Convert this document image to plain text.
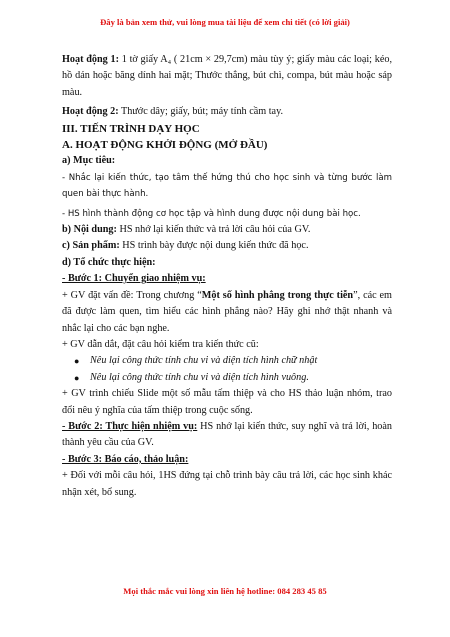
Đây là bản xem thử, vui lòng mua tài liệu để xem chi tiết (có lời giải)

Hoạt động 1: 1 tờ giấy A₄ ( 21cm × 29,7cm) màu tùy ý; giấy màu các loại; kéo, hồ dán hoặc băng dính hai mặt; Thước thẳng, bút chì, compa, bút màu hoặc sáp màu.

Hoạt động 2: Thước dây; giấy, bút; máy tính cầm tay.

III. TIẾN TRÌNH DẠY HỌC

A. HOẠT ĐỘNG KHỞI ĐỘNG (MỞ ĐẦU)

a) Mục tiêu:

- Nhắc lại kiến thức, tạo tâm thế hứng thú cho học sinh và từng bước làm quen bài thực hành.

- HS hình thành động cơ học tập và hình dung được nội dung bài học.

b) Nội dung: HS nhớ lại kiến thức và trả lời câu hỏi của GV.

c) Sản phẩm: HS trình bày được nội dung kiến thức đã học.

d) Tổ chức thực hiện:

- Bước 1: Chuyển giao nhiệm vụ:

+ GV đặt vấn đề: Trong chương “Một số hình phẳng trong thực tiễn”, các em đã được làm quen, tìm hiểu các hình phẳng nào? Hãy ghi nhớ thật nhanh và nhắc lại cho các bạn nghe.

+ GV dẫn dắt, đặt câu hỏi kiểm tra kiến thức cũ:

●	Nêu lại công thức tính chu vi và diện tích hình chữ nhật
●	Nêu lại công thức tính chu vi và diện tích hình vuông.

+ GV trình chiếu Slide một số mẫu tấm thiệp và cho HS thảo luận nhóm, trao đổi nêu ý nghĩa của tấm thiệp trong cuộc sống.

- Bước 2: Thực hiện nhiệm vụ: HS nhớ lại kiến thức, suy nghĩ và trả lời, hoàn thành yêu cầu của GV.

- Bước 3: Báo cáo, thảo luận:

+ Đối với mỗi câu hỏi, 1HS đứng tại chỗ trình bày câu trả lời, các học sinh khác nhận xét, bổ sung.

Mọi thắc mắc vui lòng xin liên hệ hotline: 084 283 45 85
